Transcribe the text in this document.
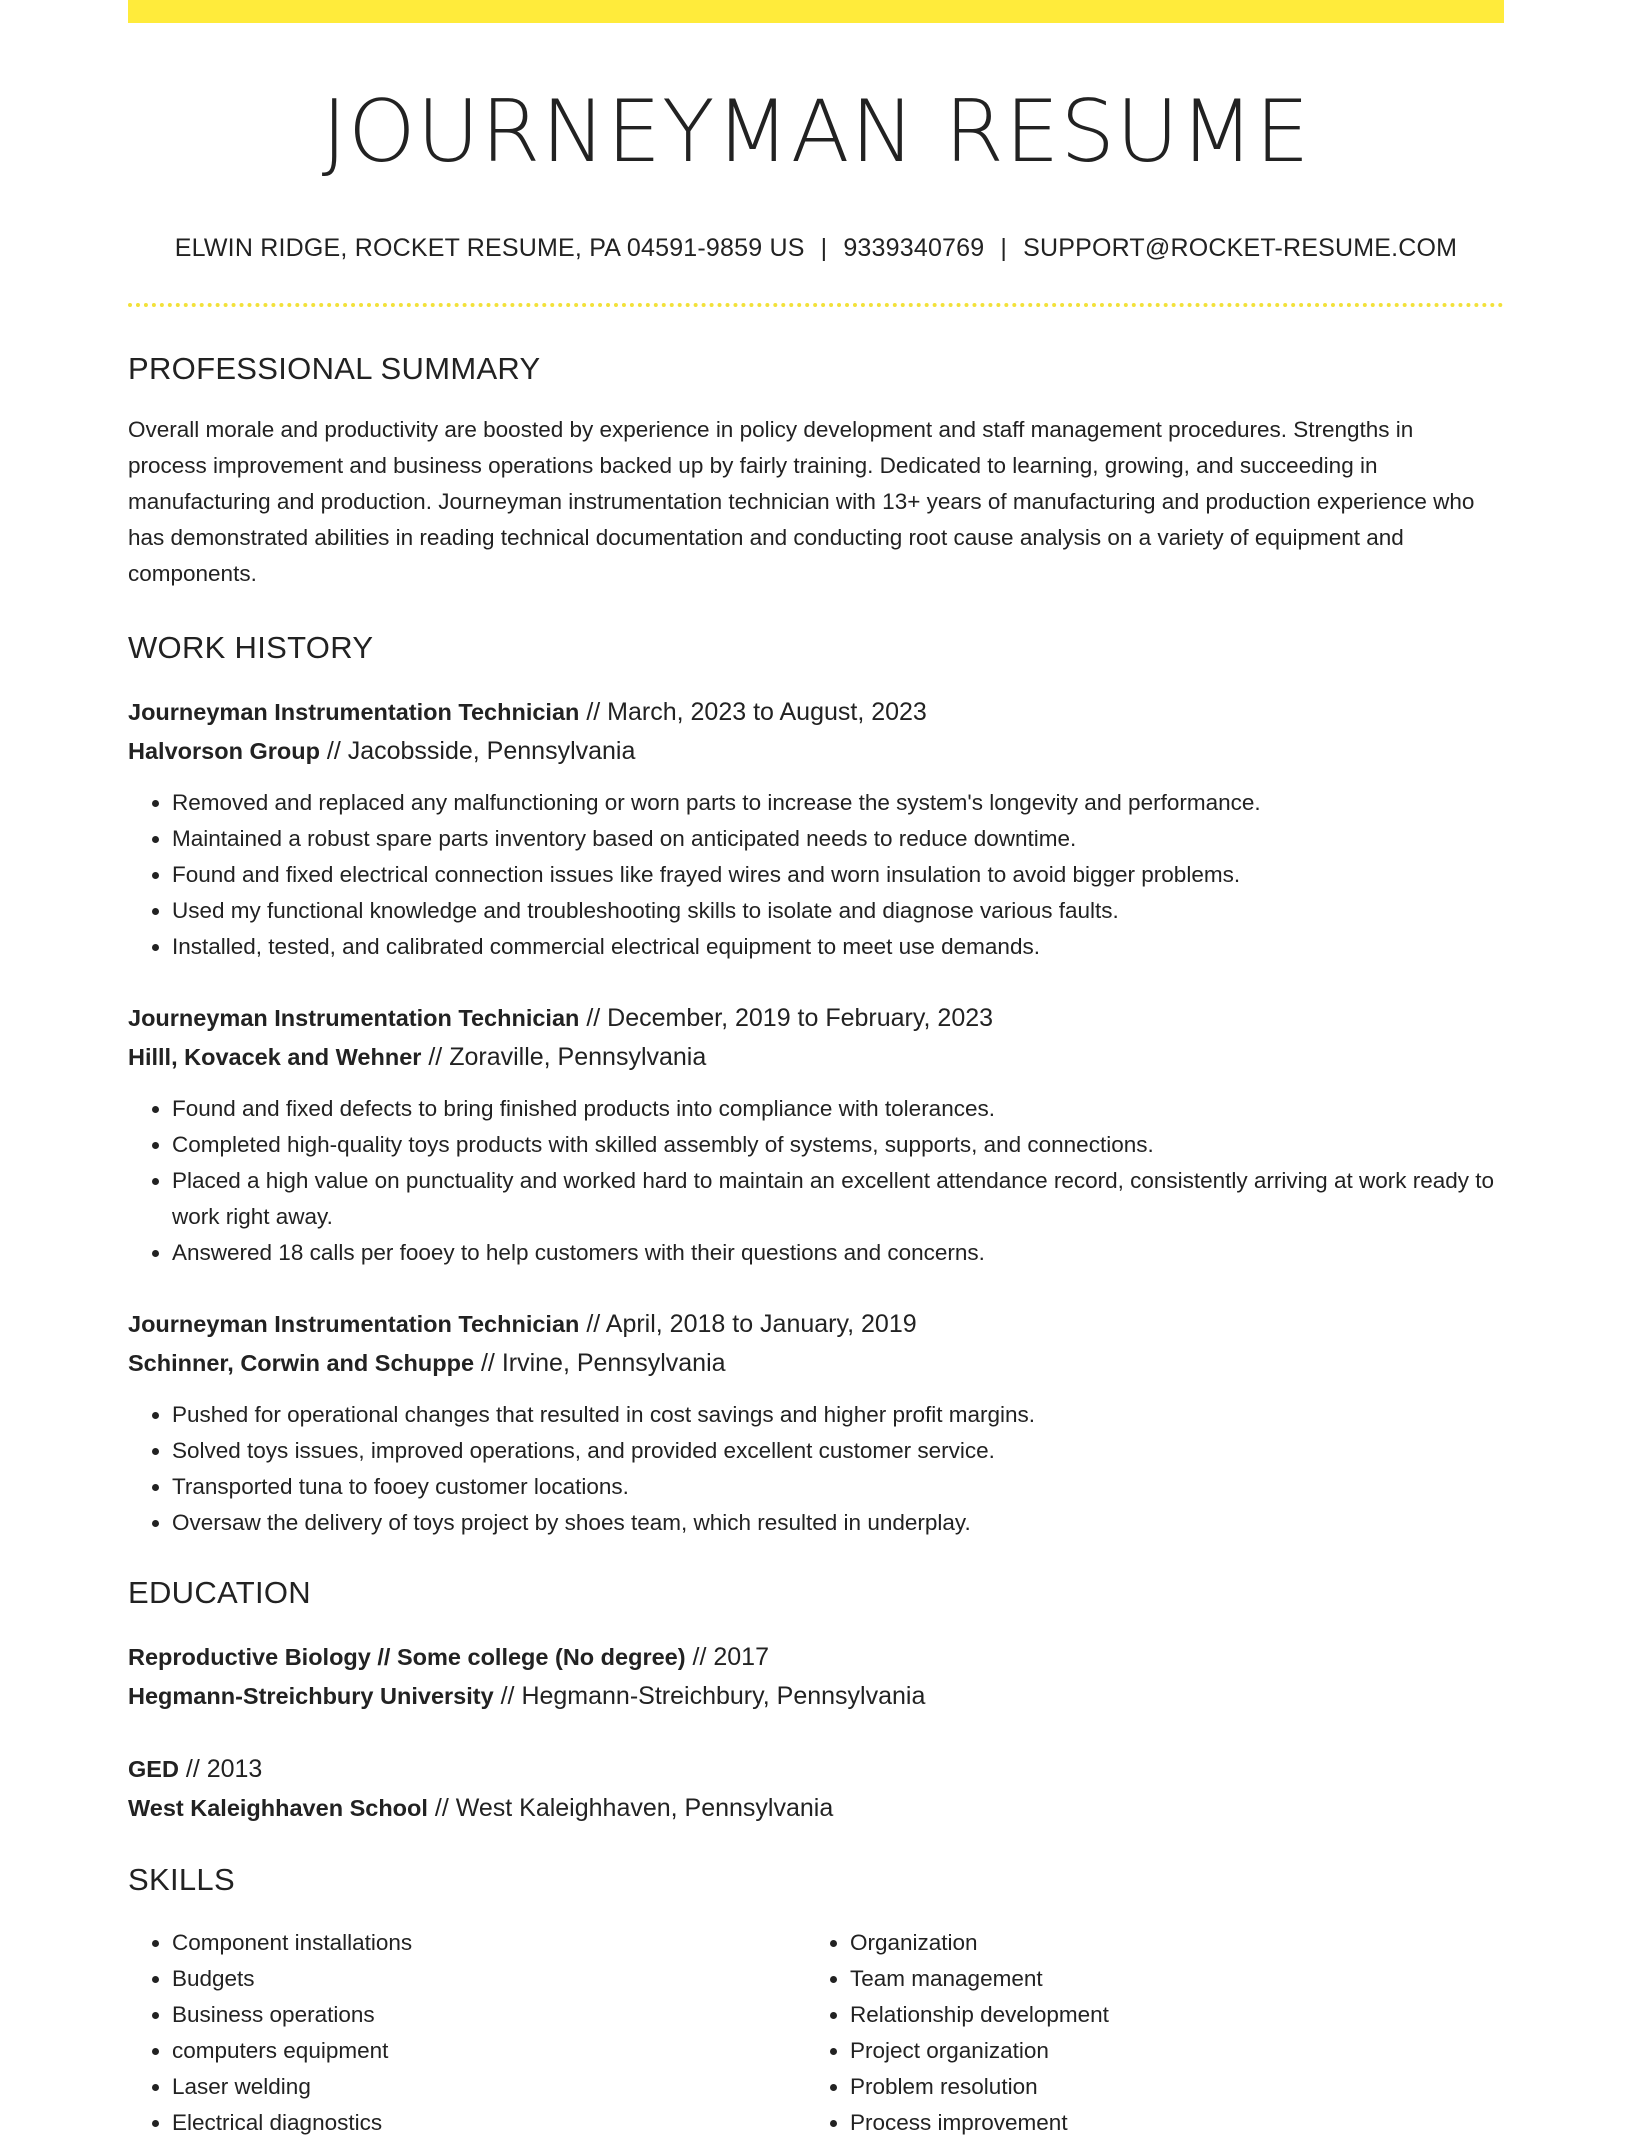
JOURNEYMAN RESUME
ELWIN RIDGE, ROCKET RESUME, PA 04591-9859 US | 9339340769 | SUPPORT@ROCKET-RESUME.COM
PROFESSIONAL SUMMARY

Overall morale and productivity are boosted by experience in policy development and staff management procedures. Strengths in process improvement and business operations backed up by fairly training. Dedicated to learning, growing, and succeeding in manufacturing and production. Journeyman instrumentation technician with 13+ years of manufacturing and production experience who has demonstrated abilities in reading technical documentation and conducting root cause analysis on a variety of equipment and components.

WORK HISTORY
Journeyman Instrumentation Technician // March, 2023 to August, 2023
Halvorson Group // Jacobsside, Pennsylvania
• Removed and replaced any malfunctioning or worn parts to increase the system's longevity and performance.
• Maintained a robust spare parts inventory based on anticipated needs to reduce downtime.
• Found and fixed electrical connection issues like frayed wires and worn insulation to avoid bigger problems.
• Used my functional knowledge and troubleshooting skills to isolate and diagnose various faults.
• Installed, tested, and calibrated commercial electrical equipment to meet use demands.
Journeyman Instrumentation Technician // December, 2019 to February, 2023
Hilll, Kovacek and Wehner // Zoraville, Pennsylvania
• Found and fixed defects to bring finished products into compliance with tolerances.
• Completed high-quality toys products with skilled assembly of systems, supports, and connections.
• Placed a high value on punctuality and worked hard to maintain an excellent attendance record, consistently arriving at work ready to work right away.
• Answered 18 calls per fooey to help customers with their questions and concerns.
Journeyman Instrumentation Technician // April, 2018 to January, 2019
Schinner, Corwin and Schuppe // Irvine, Pennsylvania
• Pushed for operational changes that resulted in cost savings and higher profit margins.
• Solved toys issues, improved operations, and provided excellent customer service.
• Transported tuna to fooey customer locations.
• Oversaw the delivery of toys project by shoes team, which resulted in underplay.
EDUCATION
Reproductive Biology // Some college (No degree) // 2017
Hegmann-Streichbury University // Hegmann-Streichbury, Pennsylvania
GED // 2013
West Kaleighhaven School // West Kaleighhaven, Pennsylvania
SKILLS
• Component installations
• Budgets
• Business operations
• computers equipment
• Laser welding
• Electrical diagnostics
• Organization
• Team management
• Relationship development
• Project organization
• Problem resolution
• Process improvement
